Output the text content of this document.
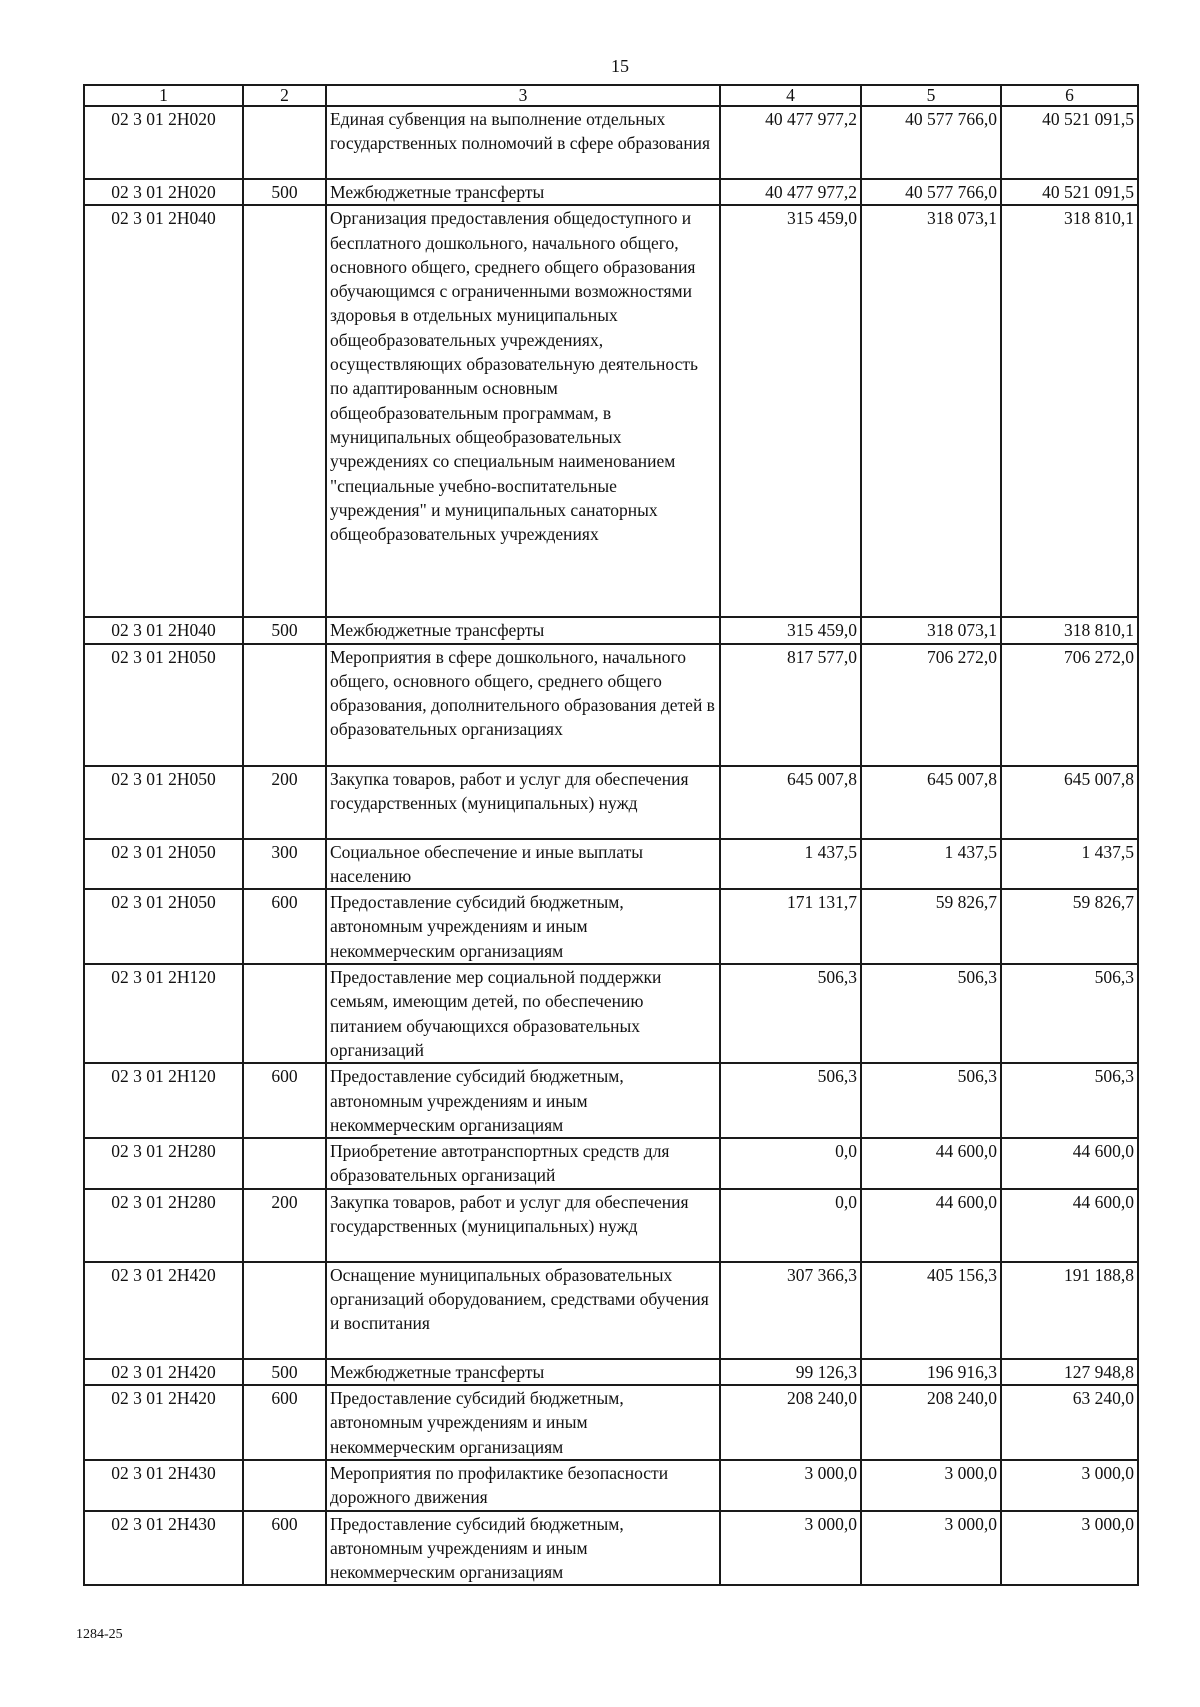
15
1	2	3	4	5	6
02 3 01 2Н020		Единая субвенция на выполнение отдельных государственных полномочий в сфере образования	40 477 977,2	40 577 766,0	40 521 091,5
02 3 01 2Н020	500	Межбюджетные трансферты	40 477 977,2	40 577 766,0	40 521 091,5
02 3 01 2Н040		Организация предоставления общедоступного и бесплатного дошкольного, начального общего, основного общего, среднего общего образования обучающимся с ограниченными возможностями здоровья в отдельных муниципальных общеобразовательных учреждениях, осуществляющих образовательную деятельность по адаптированным основным общеобразовательным программам, в муниципальных общеобразовательных учреждениях со специальным наименованием "специальные учебно-воспитательные учреждения" и муниципальных санаторных общеобразовательных учреждениях	315 459,0	318 073,1	318 810,1
02 3 01 2Н040	500	Межбюджетные трансферты	315 459,0	318 073,1	318 810,1
02 3 01 2Н050		Мероприятия в сфере дошкольного, начального общего, основного общего, среднего общего образования, дополнительного образования детей в образовательных организациях	817 577,0	706 272,0	706 272,0
02 3 01 2Н050	200	Закупка товаров, работ и услуг для обеспечения государственных (муниципальных) нужд	645 007,8	645 007,8	645 007,8
02 3 01 2Н050	300	Социальное обеспечение и иные выплаты населению	1 437,5	1 437,5	1 437,5
02 3 01 2Н050	600	Предоставление субсидий бюджетным, автономным учреждениям и иным некоммерческим организациям	171 131,7	59 826,7	59 826,7
02 3 01 2Н120		Предоставление мер социальной поддержки семьям, имеющим детей, по обеспечению питанием обучающихся образовательных организаций	506,3	506,3	506,3
02 3 01 2Н120	600	Предоставление субсидий бюджетным, автономным учреждениям и иным некоммерческим организациям	506,3	506,3	506,3
02 3 01 2Н280		Приобретение автотранспортных средств для образовательных организаций	0,0	44 600,0	44 600,0
02 3 01 2Н280	200	Закупка товаров, работ и услуг для обеспечения государственных (муниципальных) нужд	0,0	44 600,0	44 600,0
02 3 01 2Н420		Оснащение муниципальных образовательных организаций оборудованием, средствами обучения и воспитания	307 366,3	405 156,3	191 188,8
02 3 01 2Н420	500	Межбюджетные трансферты	99 126,3	196 916,3	127 948,8
02 3 01 2Н420	600	Предоставление субсидий бюджетным, автономным учреждениям и иным некоммерческим организациям	208 240,0	208 240,0	63 240,0
02 3 01 2Н430		Мероприятия по профилактике безопасности дорожного движения	3 000,0	3 000,0	3 000,0
02 3 01 2Н430	600	Предоставление субсидий бюджетным, автономным учреждениям и иным некоммерческим организациям	3 000,0	3 000,0	3 000,0
1284-25
